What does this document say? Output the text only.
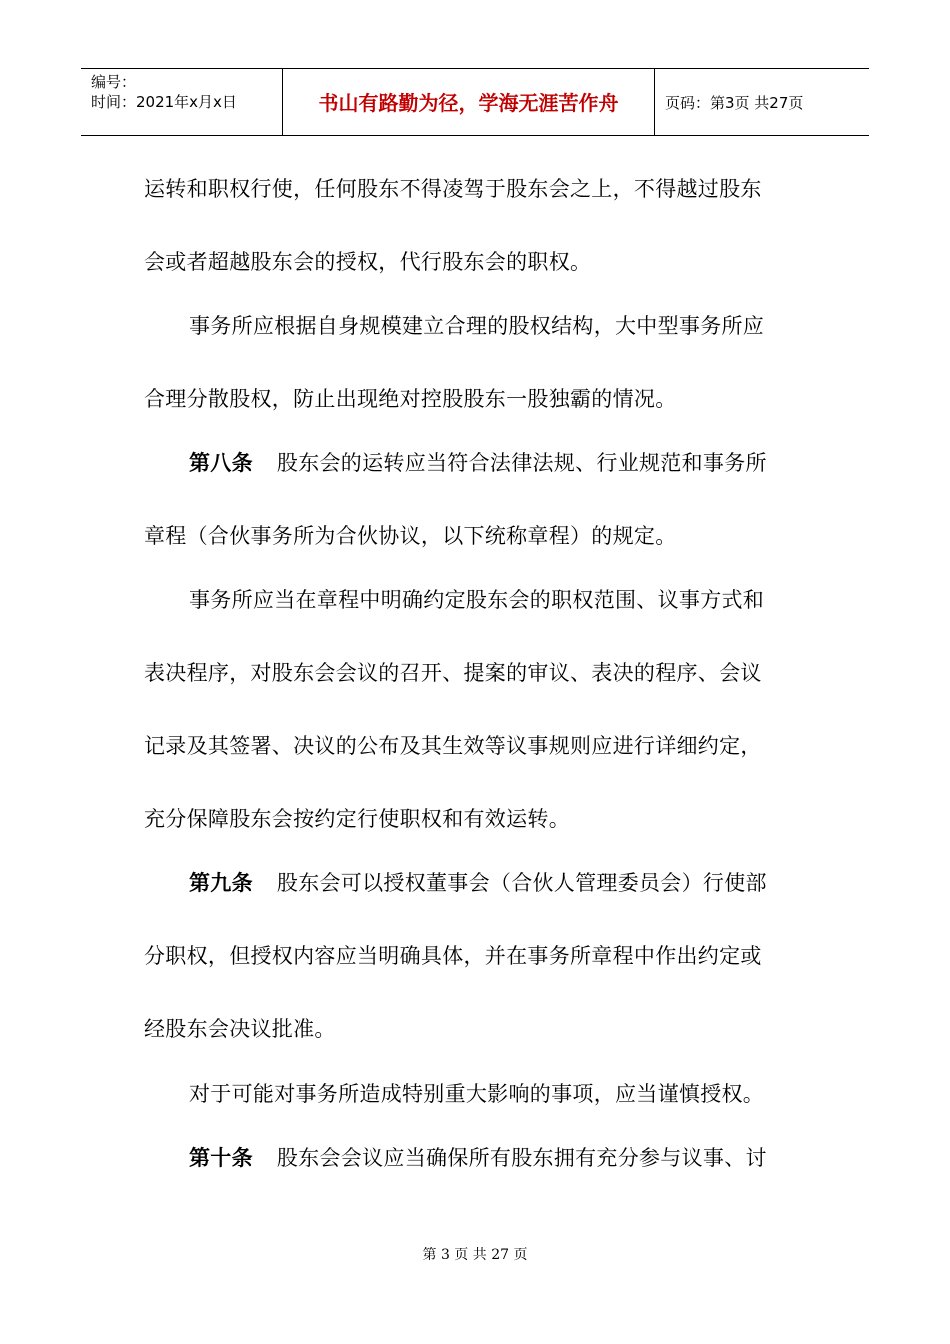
编号：
时间：2021年x月x日	书山有路勤为径，学海无涯苦作舟	页码：第3页 共27页
运转和职权行使，任何股东不得凌驾于股东会之上，不得越过股东
会或者超越股东会的授权，代行股东会的职权。
事务所应根据自身规模建立合理的股权结构，大中型事务所应
合理分散股权，防止出现绝对控股股东一股独霸的情况。
第八条 股东会的运转应当符合法律法规、行业规范和事务所
章程（合伙事务所为合伙协议，以下统称章程）的规定。
事务所应当在章程中明确约定股东会的职权范围、议事方式和
表决程序，对股东会会议的召开、提案的审议、表决的程序、会议
记录及其签署、决议的公布及其生效等议事规则应进行详细约定，
充分保障股东会按约定行使职权和有效运转。
第九条 股东会可以授权董事会（合伙人管理委员会）行使部
分职权，但授权内容应当明确具体，并在事务所章程中作出约定或
经股东会决议批准。
对于可能对事务所造成特别重大影响的事项，应当谨慎授权。
第十条 股东会会议应当确保所有股东拥有充分参与议事、讨
第 3 页 共 27 页
